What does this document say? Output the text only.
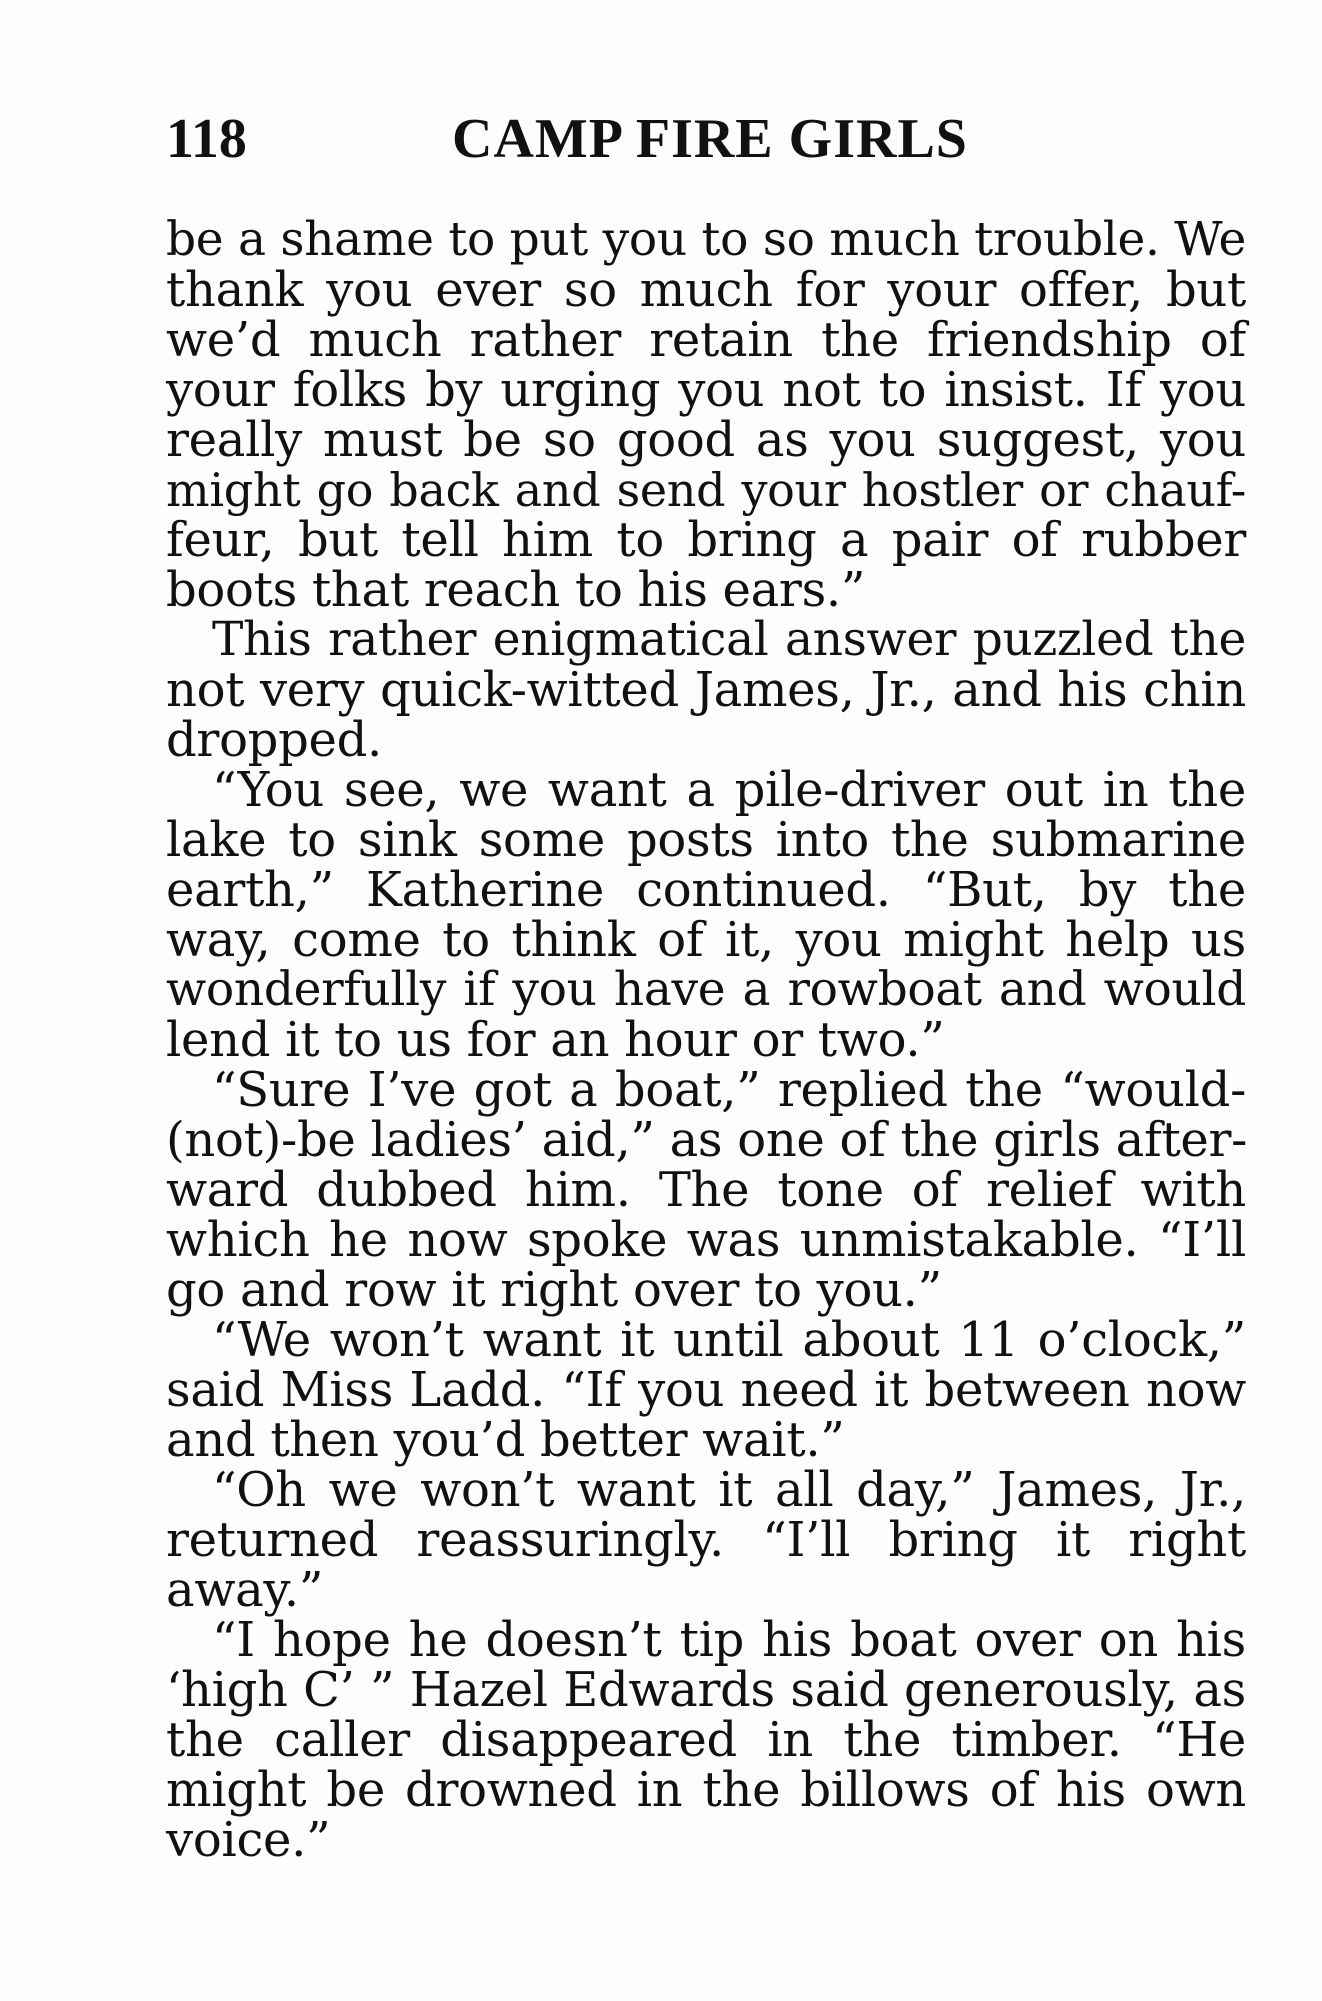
118	CAMP FIRE GIRLS
be a shame to put you to so much trouble. We
thank you ever so much for your offer, but
we’d much rather retain the friendship of
your folks by urging you not to insist. If you
really must be so good as you suggest, you
might go back and send your hostler or chauf-
feur, but tell him to bring a pair of rubber
boots that reach to his ears.”
This rather enigmatical answer puzzled the
not very quick-witted James, Jr., and his chin
dropped.
“You see, we want a pile-driver out in the
lake to sink some posts into the submarine
earth,” Katherine continued. “But, by the
way, come to think of it, you might help us
wonderfully if you have a rowboat and would
lend it to us for an hour or two.”
“Sure I’ve got a boat,” replied the “would-
(not)-be ladies’ aid,” as one of the girls after-
ward dubbed him. The tone of relief with
which he now spoke was unmistakable. “I’ll
go and row it right over to you.”
“We won’t want it until about 11 o’clock,”
said Miss Ladd. “If you need it between now
and then you’d better wait.”
“Oh we won’t want it all day,” James, Jr.,
returned reassuringly. “I’ll bring it right
away.”
“I hope he doesn’t tip his boat over on his
‘high C’ ” Hazel Edwards said generously, as
the caller disappeared in the timber. “He
might be drowned in the billows of his own
voice.”
